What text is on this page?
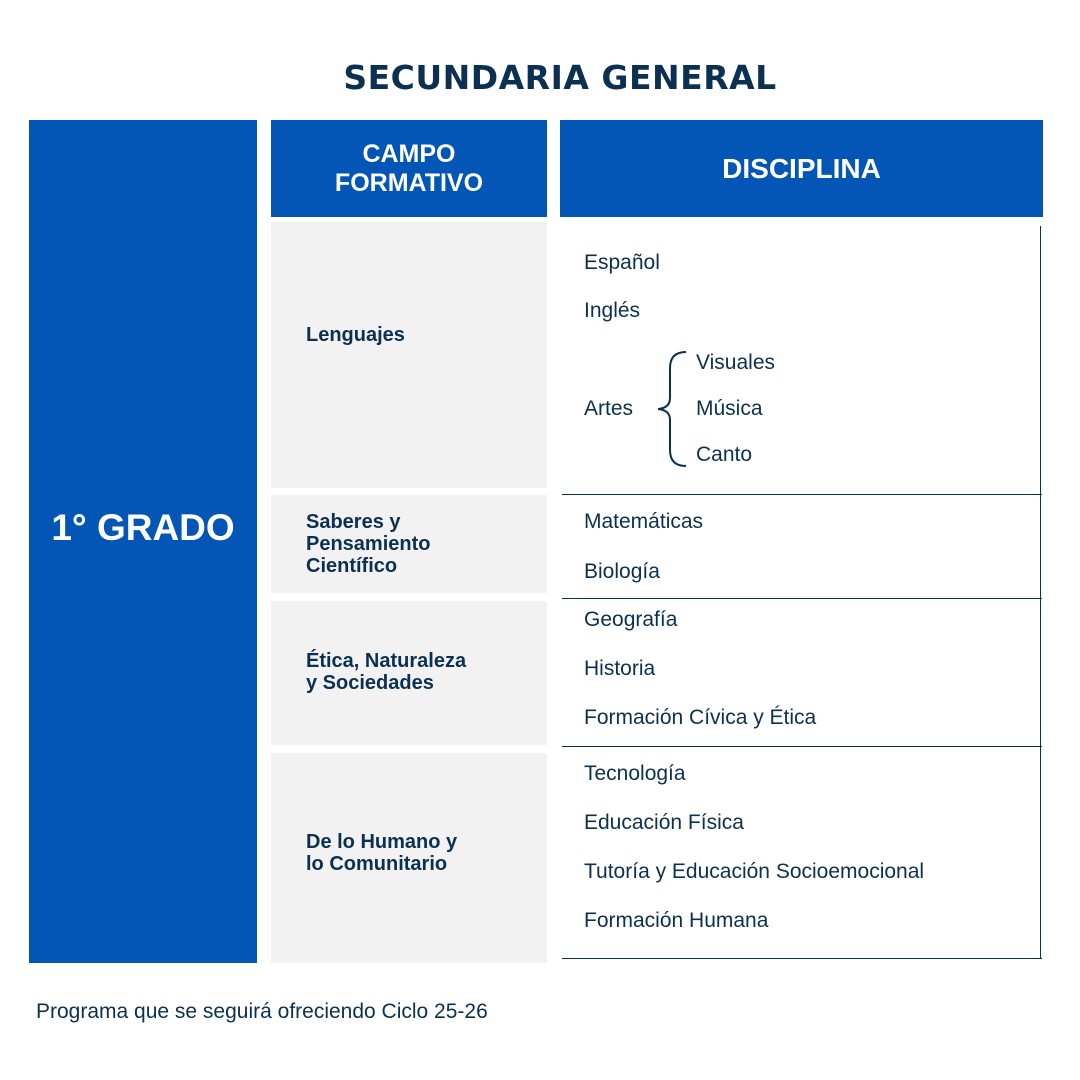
SECUNDARIA GENERAL
1° GRADO
CAMPO
FORMATIVO	DISCIPLINA
Lenguajes
Saberes y
Pensamiento
Científico
Ética, Naturaleza
y Sociedades
De lo Humano y
lo Comunitario
Español
Inglés
Artes
Visuales
Música
Canto
Matemáticas
Biología
Geografía
Historia
Formación Cívica y Ética
Tecnología
Educación Física
Tutoría y Educación Socioemocional
Formación Humana
Programa que se seguirá ofreciendo Ciclo 25-26
